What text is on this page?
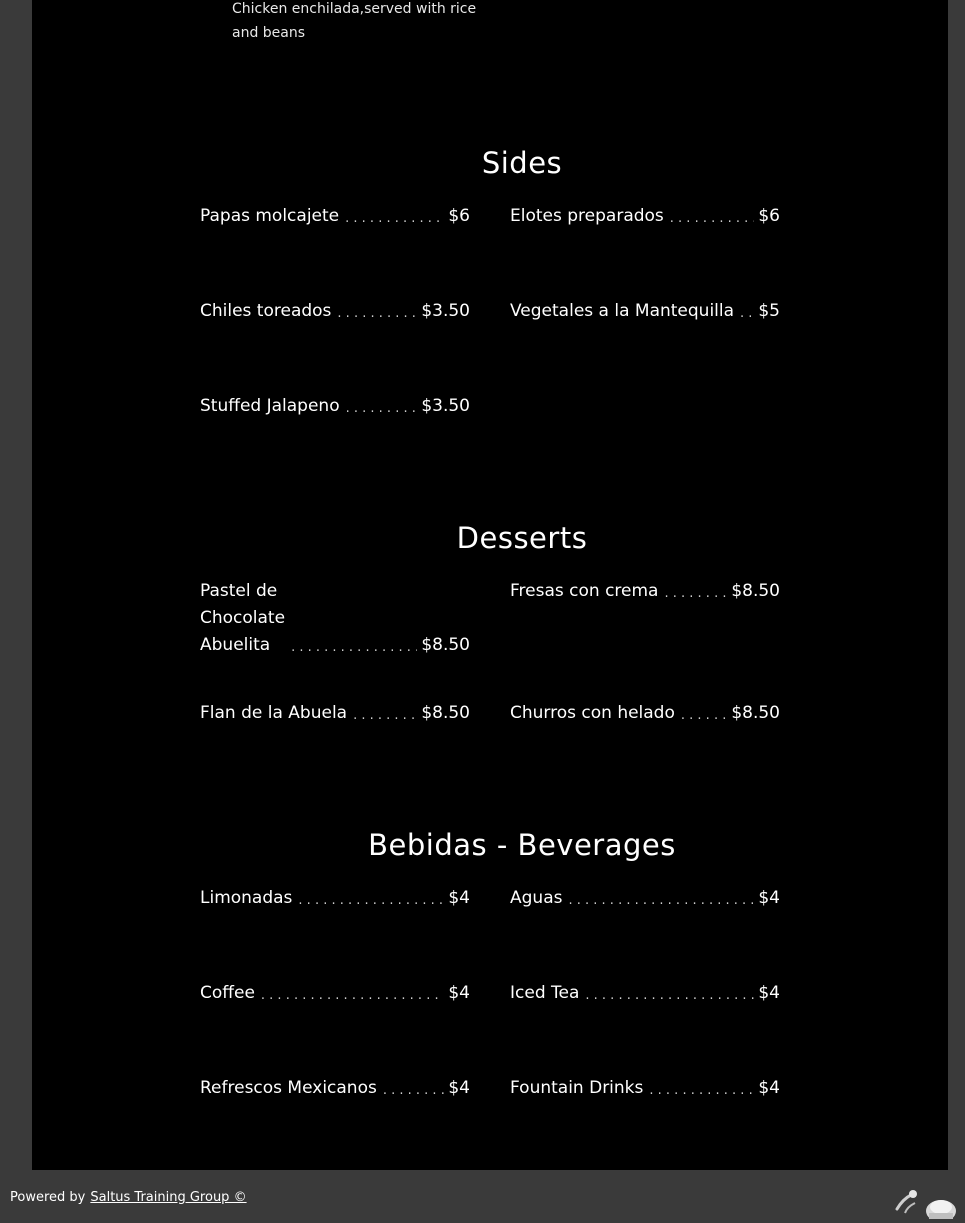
Chicken enchilada,served with rice and beans
Sides
Papas molcajete . . .	$6 Elotes preparados . . .	$6
Chiles toreados . . .	$3.50 Vegetales a la Mantequilla . . . $5
Stuffed Jalapeno . . .	$3.50
Desserts
Pastel de Chocolate Abuelita . . .	$8.50
Fresas con crema . . .	$8.50
Flan de la Abuela . . .	$8.50 Churros con helado . . .	$8.50
Bebidas - Beverages
Limonadas . . .	$4 Aguas . . .	$4
Coffee . . .	$4 Iced Tea . . .	$4
Refrescos Mexicanos . . .	$4 Fountain Drinks . . .	$4
Powered by Saltus Training Group ©
